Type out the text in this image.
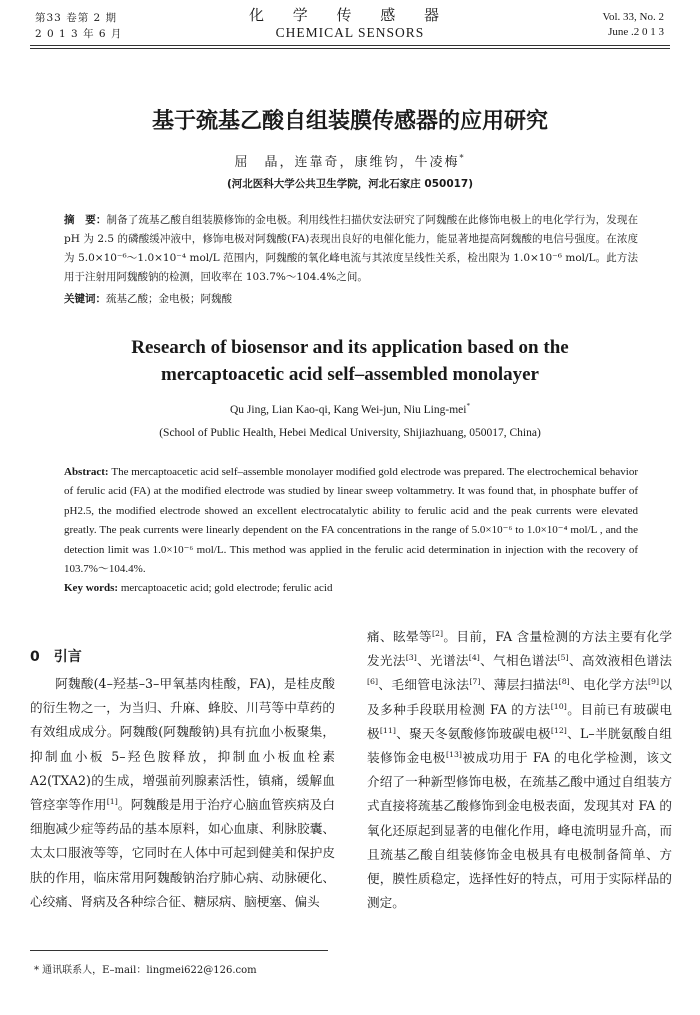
第33 卷第 2 期
2 0 1 3 年 6 月
化 学 传 感 器
CHEMICAL SENSORS
Vol. 33, No. 2
June .2 0 1 3
基于巯基乙酸自组装膜传感器的应用研究
屈　晶，连靠奇，康维钧，牛凌梅*
(河北医科大学公共卫生学院，河北石家庄 050017)
摘　要：制备了巯基乙酸自组装膜修饰的金电极。利用线性扫描伏安法研究了阿魏酸在此修饰电极上的电化学行为，发现在 pH 为 2.5 的磷酸缓冲液中，修饰电极对阿魏酸(FA)表现出良好的电催化能力，能显著地提高阿魏酸的电信号强度。在浓度为 5.0×10⁻⁶～1.0×10⁻⁴ mol/L 范围内，阿魏酸的氧化峰电流与其浓度呈线性关系，检出限为 1.0×10⁻⁶ mol/L。此方法用于注射用阿魏酸钠的检测，回收率在 103.7%～104.4%之间。
关键词：巯基乙酸；金电极；阿魏酸
Research of biosensor and its application based on the
mercaptoacetic acid self–assembled monolayer
Qu Jing, Lian Kao-qi, Kang Wei-jun, Niu Ling-mei*
(School of Public Health, Hebei Medical University, Shijiazhuang, 050017, China)
Abstract: The mercaptoacetic acid self–assemble monolayer modified gold electrode was prepared. The electrochemical behavior of ferulic acid (FA) at the modified electrode was studied by linear sweep voltammetry. It was found that, in phosphate buffer of pH2.5, the modified electrode showed an excellent electrocatalytic ability to ferulic acid and the peak currents were elevated greatly. The peak currents were linearly dependent on the FA concentrations in the range of 5.0×10⁻⁶ to 1.0×10⁻⁴ mol/L , and the detection limit was 1.0×10⁻⁶ mol/L. This method was applied in the ferulic acid determination in injection with the recovery of 103.7%～104.4%.
Key words: mercaptoacetic acid; gold electrode; ferulic acid
0　引言

阿魏酸(4–羟基–3–甲氧基肉桂酸，FA)，是桂皮酸的衍生物之一，为当归、升麻、蜂胶、川芎等中草药的有效组成成分。阿魏酸(阿魏酸钠)具有抗血小板聚集，抑制血小板 5–羟色胺释放，抑制血小板血栓素 A2(TXA2)的生成，增强前列腺素活性，镇痛，缓解血管痉挛等作用[1]。阿魏酸是用于治疗心脑血管疾病及白细胞减少症等药品的基本原料，如心血康、利脉胶囊、太太口服液等等，它同时在人体中可起到健美和保护皮肤的作用，临床常用阿魏酸钠治疗肺心病、动脉硬化、心绞痛、肾病及各种综合征、糖尿病、脑梗塞、偏头

痛、眩晕等[2]。目前，FA 含量检测的方法主要有化学发光法[3]、光谱法[4]、气相色谱法[5]、高效液相色谱法[6]、毛细管电泳法[7]、薄层扫描法[8]、电化学方法[9]以及多种手段联用检测 FA 的方法[10]。目前已有玻碳电极[11]、聚天冬氨酸修饰玻碳电极[12]、L–半胱氨酸自组装修饰金电极[13]被成功用于 FA 的电化学检测，该文介绍了一种新型修饰电极，在巯基乙酸中通过自组装方式直接将巯基乙酸修饰到金电极表面，发现其对 FA 的氧化还原起到显著的电催化作用，峰电流明显升高，而且巯基乙酸自组装修饰金电极具有电极制备简单、方便，膜性质稳定，选择性好的特点，可用于实际样品的测定。

* 通讯联系人，E–mail：lingmei622@126.com
